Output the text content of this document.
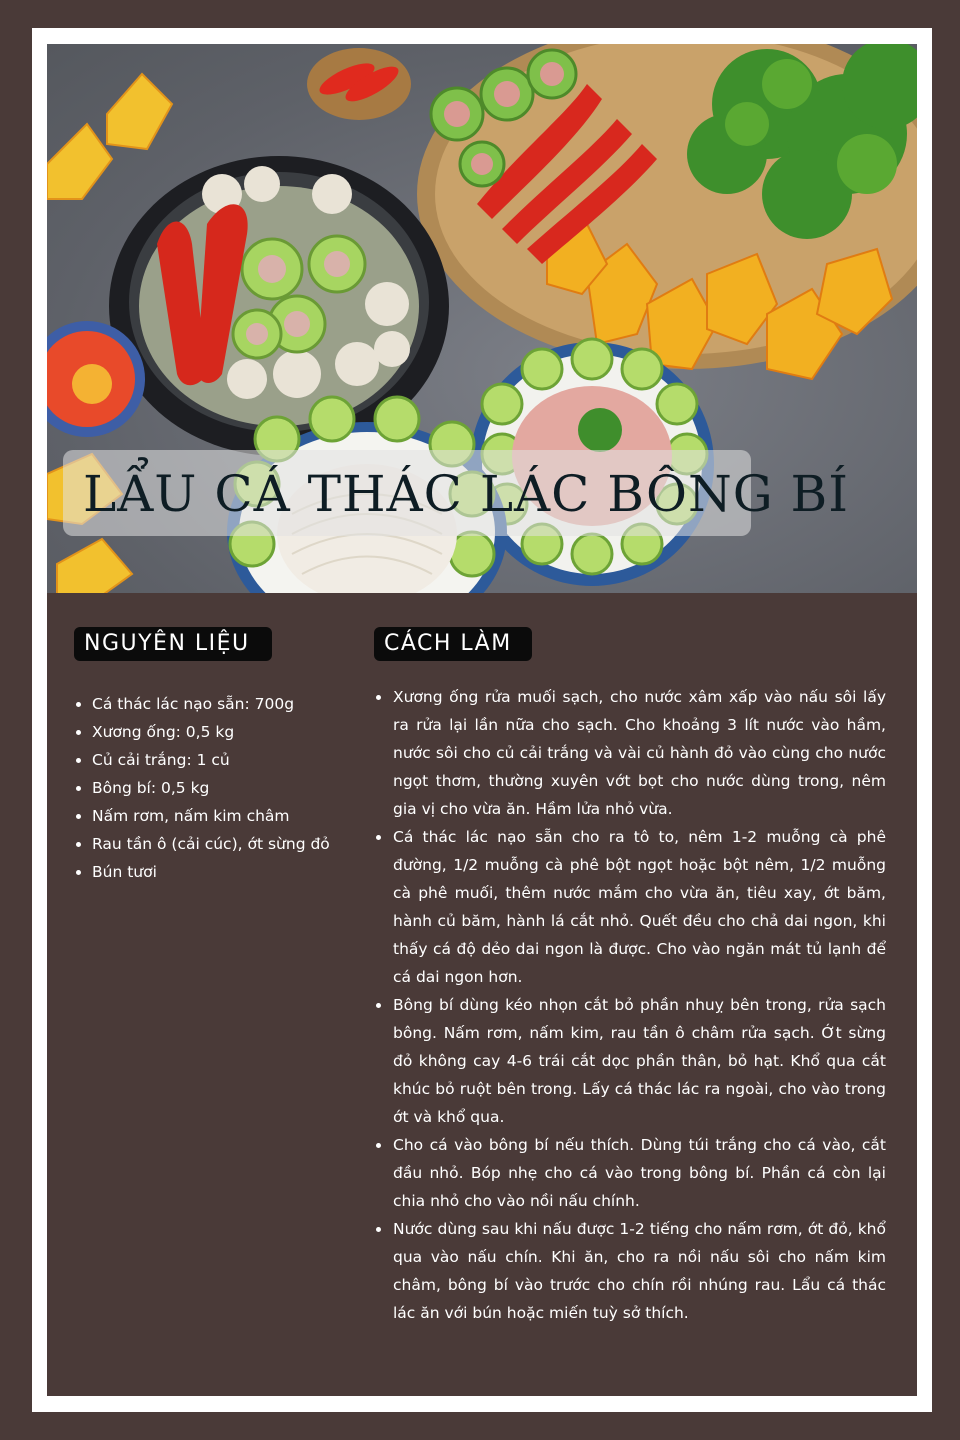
LẨU CÁ THÁC LÁC BÔNG BÍ
NGUYÊN LIỆU
Cá thác lác nạo sẵn: 700g
Xương ống: 0,5 kg
Củ cải trắng: 1 củ
Bông bí: 0,5 kg
Nấm rơm, nấm kim châm
Rau tần ô (cải cúc), ớt sừng đỏ
Bún tươi
CÁCH LÀM
Xương ống rửa muối sạch, cho nước xâm xấp vào nấu sôi lấy ra rửa lại lần nữa cho sạch. Cho khoảng 3 lít nước vào hầm, nước sôi cho củ cải trắng và vài củ hành đỏ vào cùng cho nước ngọt thơm, thường xuyên vớt bọt cho nước dùng trong, nêm gia vị cho vừa ăn. Hầm lửa nhỏ vừa.
Cá thác lác nạo sẵn cho ra tô to, nêm 1-2 muỗng cà phê đường, 1/2 muỗng cà phê bột ngọt hoặc bột nêm, 1/2 muỗng cà phê muối, thêm nước mắm cho vừa ăn, tiêu xay, ớt băm, hành củ băm, hành lá cắt nhỏ. Quết đều cho chả dai ngon, khi thấy cá độ dẻo dai ngon là được. Cho vào ngăn mát tủ lạnh để cá dai ngon hơn.
Bông bí dùng kéo nhọn cắt bỏ phần nhuỵ bên trong, rửa sạch bông. Nấm rơm, nấm kim, rau tần ô châm rửa sạch. Ớt sừng đỏ không cay 4-6 trái cắt dọc phần thân, bỏ hạt. Khổ qua cắt khúc bỏ ruột bên trong. Lấy cá thác lác ra ngoài, cho vào trong ớt và khổ qua.
Cho cá vào bông bí nếu thích. Dùng túi trắng cho cá vào, cắt đầu nhỏ. Bóp nhẹ cho cá vào trong bông bí. Phần cá còn lại chia nhỏ cho vào nồi nấu chính.
Nước dùng sau khi nấu được 1-2 tiếng cho nấm rơm, ớt đỏ, khổ qua vào nấu chín. Khi ăn, cho ra nồi nấu sôi cho nấm kim châm, bông bí vào trước cho chín rồi nhúng rau. Lẩu cá thác lác ăn với bún hoặc miến tuỳ sở thích.
